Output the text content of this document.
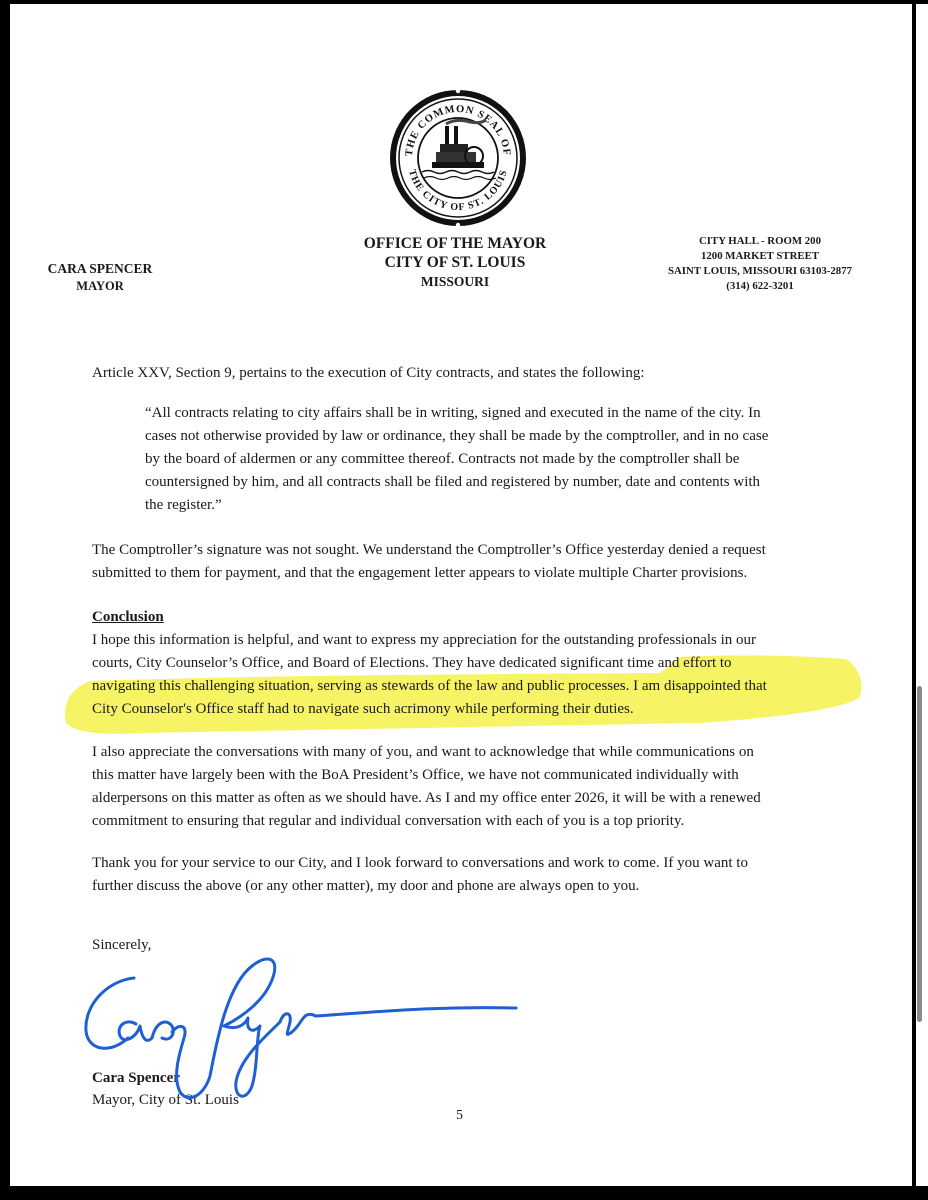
THE COMMON SEAL OF
THE CITY OF ST. LOUIS
CARA SPENCER
MAYOR
OFFICE OF THE MAYOR
CITY OF ST. LOUIS
MISSOURI
CITY HALL - ROOM 200
1200 MARKET STREET
SAINT LOUIS, MISSOURI 63103-2877
(314) 622-3201
Article XXV, Section 9, pertains to the execution of City contracts, and states the following:
“All contracts relating to city affairs shall be in writing, signed and executed in the name of the city. In
cases not otherwise provided by law or ordinance, they shall be made by the comptroller, and in no case
by the board of aldermen or any committee thereof. Contracts not made by the comptroller shall be
countersigned by him, and all contracts shall be filed and registered by number, date and contents with
the register.”
The Comptroller’s signature was not sought. We understand the Comptroller’s Office yesterday denied a request
submitted to them for payment, and that the engagement letter appears to violate multiple Charter provisions.
Conclusion
I hope this information is helpful, and want to express my appreciation for the outstanding professionals in our
courts, City Counselor’s Office, and Board of Elections. They have dedicated significant time and effort to
navigating this challenging situation, serving as stewards of the law and public processes. I am disappointed that
City Counselor's Office staff had to navigate such acrimony while performing their duties.
I also appreciate the conversations with many of you, and want to acknowledge that while communications on
this matter have largely been with the BoA President’s Office, we have not communicated individually with
alderpersons on this matter as often as we should have. As I and my office enter 2026, it will be with a renewed
commitment to ensuring that regular and individual conversation with each of you is a top priority.
Thank you for your service to our City, and I look forward to conversations and work to come. If you want to
further discuss the above (or any other matter), my door and phone are always open to you.
Sincerely,
Cara Spencer
Mayor, City of St. Louis
5
